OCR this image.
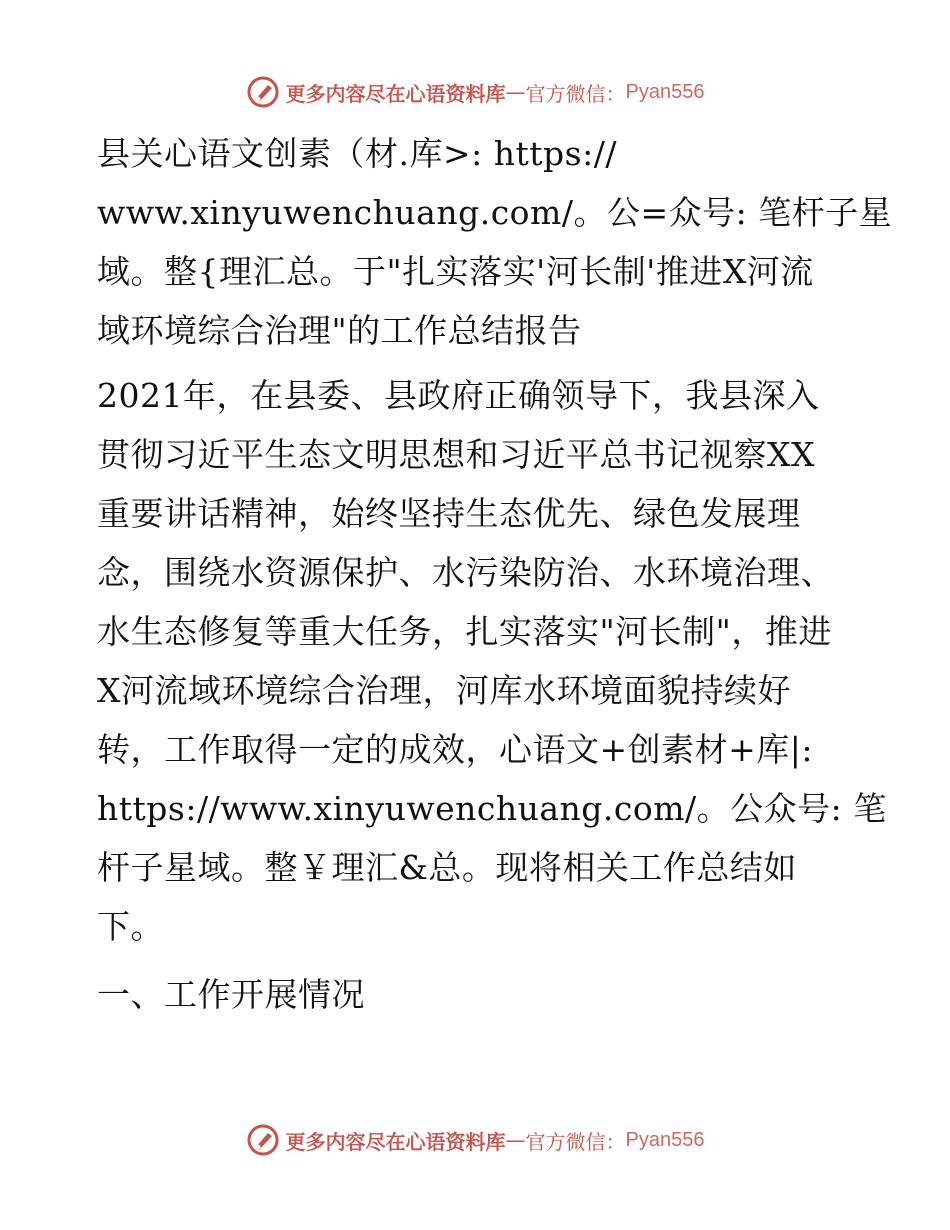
更多内容尽在心语资料库 — 官方微信： Pyan556

县关心语文创素（材.库>: https://

www.xinyuwenchuang.com/。公=众号: 笔杆子星

域。整{理汇总。于"扎实落实'河长制'推进X河流

域环境综合治理"的工作总结报告

2021年，在县委、县政府正确领导下，我县深入

贯彻习近平生态文明思想和习近平总书记视察XX

重要讲话精神，始终坚持生态优先、绿色发展理

念，围绕水资源保护、水污染防治、水环境治理、

水生态修复等重大任务，扎实落实"河长制"，推进

X河流域环境综合治理，河库水环境面貌持续好

转，工作取得一定的成效，心语文+创素材+库|:

https://www.xinyuwenchuang.com/。公众号: 笔

杆子星域。整￥理汇&总。现将相关工作总结如

下。

一、工作开展情况

更多内容尽在心语资料库 — 官方微信： Pyan556
